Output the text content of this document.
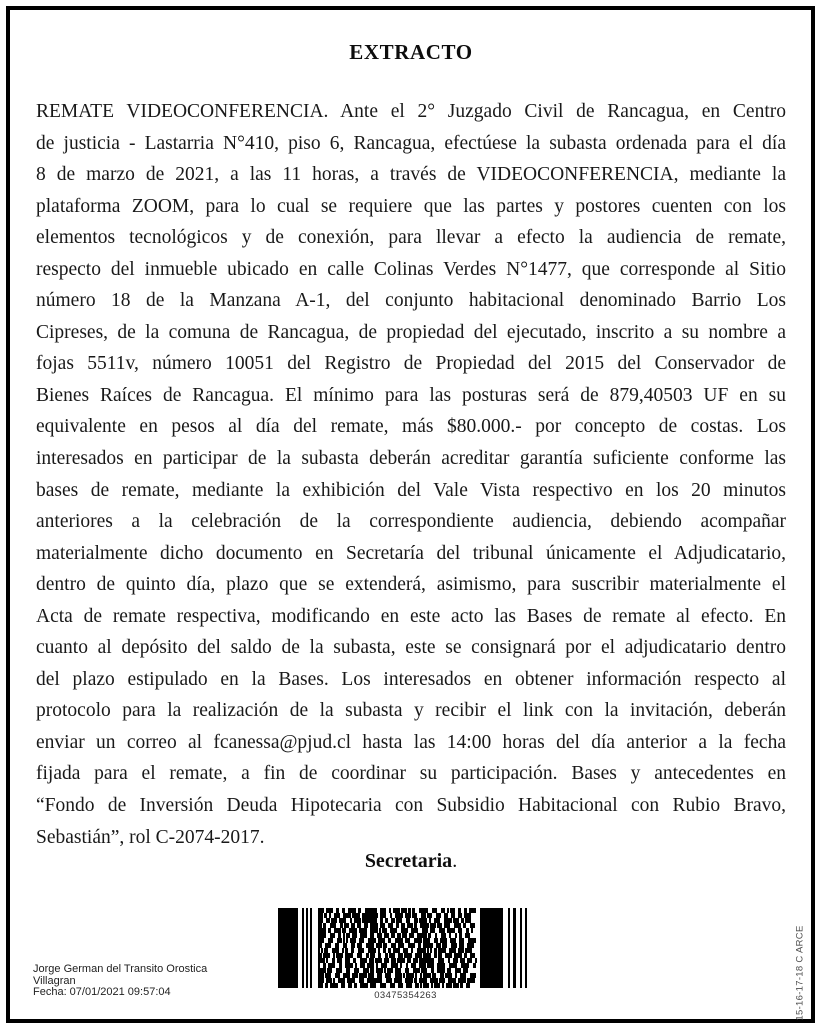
EXTRACTO
REMATE VIDEOCONFERENCIA. Ante el 2° Juzgado Civil de Rancagua, en Centro
de justicia - Lastarria N°410, piso 6, Rancagua, efectúese la subasta ordenada para el día
8 de marzo de 2021, a las 11 horas, a través de VIDEOCONFERENCIA, mediante la
plataforma ZOOM, para lo cual se requiere que las partes y postores cuenten con los
elementos tecnológicos y de conexión, para llevar a efecto la audiencia de remate,
respecto del inmueble ubicado en calle Colinas Verdes N°1477, que corresponde al Sitio
número 18 de la Manzana A-1, del conjunto habitacional denominado Barrio Los
Cipreses, de la comuna de Rancagua, de propiedad del ejecutado, inscrito a su nombre a
fojas 5511v, número 10051 del Registro de Propiedad del 2015 del Conservador de
Bienes Raíces de Rancagua. El mínimo para las posturas será de 879,40503 UF en su
equivalente en pesos al día del remate, más $80.000.- por concepto de costas. Los
interesados en participar de la subasta deberán acreditar garantía suficiente conforme las
bases de remate, mediante la exhibición del Vale Vista respectivo en los 20 minutos
anteriores a la celebración de la correspondiente audiencia, debiendo acompañar
materialmente dicho documento en Secretaría del tribunal únicamente el Adjudicatario,
dentro de quinto día, plazo que se extenderá, asimismo, para suscribir materialmente el
Acta de remate respectiva, modificando en este acto las Bases de remate al efecto. En
cuanto al depósito del saldo de la subasta, este se consignará por el adjudicatario dentro
del plazo estipulado en la Bases. Los interesados en obtener información respecto al
protocolo para la realización de la subasta y recibir el link con la invitación, deberán
enviar un correo al fcanessa@pjud.cl hasta las 14:00 horas del día anterior a la fecha
fijada para el remate, a fin de coordinar su participación. Bases y antecedentes en
“Fondo de Inversión Deuda Hipotecaria con Subsidio Habitacional con Rubio Bravo,
Sebastián”, rol C-2074-2017.
Secretaria.
03475354263
Jorge German del Transito Orostica
Villagran
Fecha: 07/01/2021 09:57:04	15-16-17-18 C ARCE
